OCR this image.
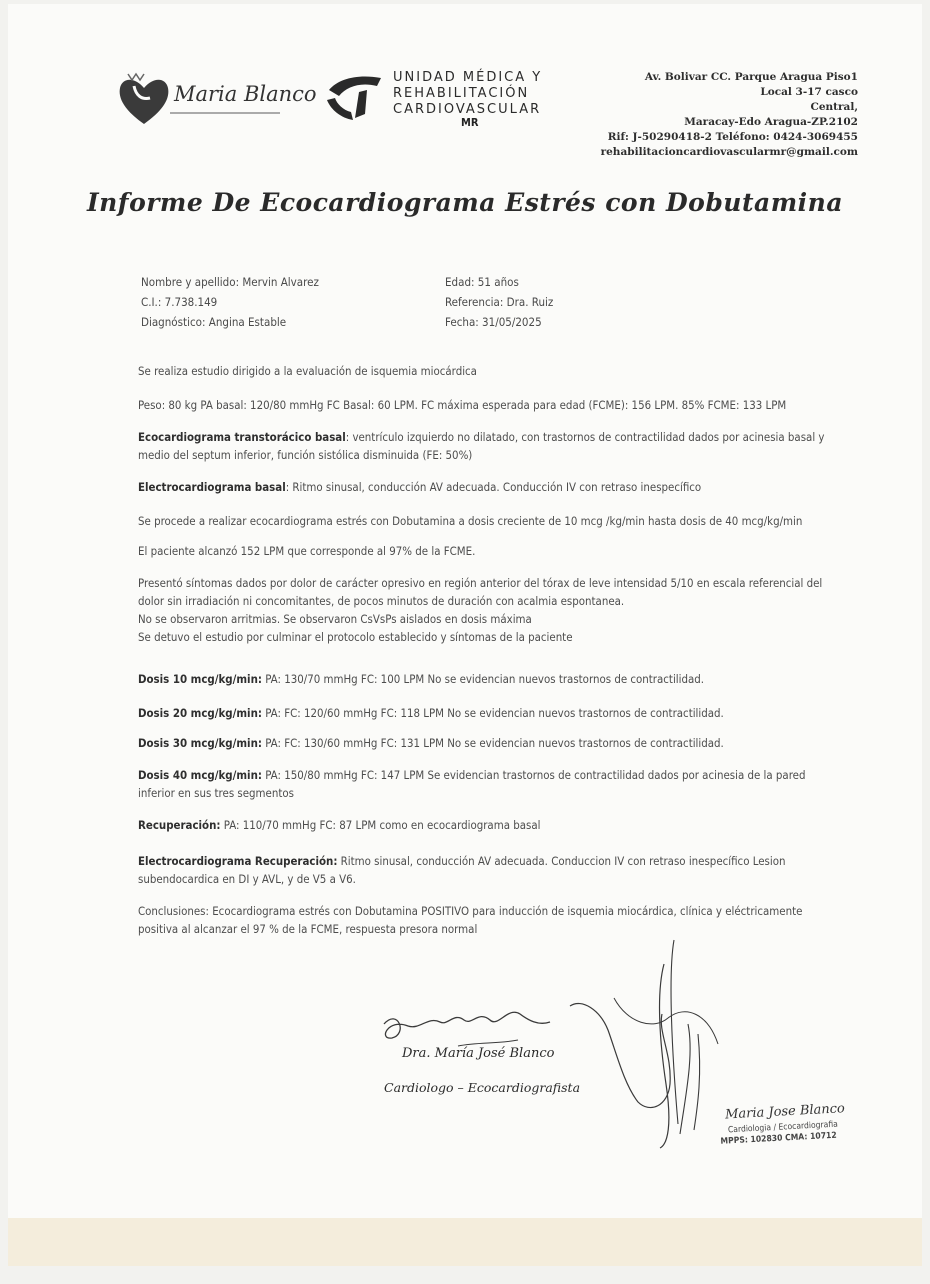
Maria Blanco
UNIDAD MÉDICA Y
REHABILITACIÓN
CARDIOVASCULAR
MR
Av. Bolivar CC. Parque Aragua Piso1
Local 3-17 casco
Central,
Maracay-Edo Aragua-ZP.2102
Rif: J-50290418-2 Teléfono: 0424-3069455
rehabilitacioncardiovascularmr@gmail.com
Informe De Ecocardiograma Estrés con Dobutamina
Nombre y apellido: Mervin Alvarez
C.I.: 7.738.149
Diagnóstico: Angina Estable
Edad: 51 años
Referencia: Dra. Ruiz
Fecha: 31/05/2025

Se realiza estudio dirigido a la evaluación de isquemia miocárdica

Peso: 80 kg PA basal: 120/80 mmHg FC Basal: 60 LPM. FC máxima esperada para edad (FCME): 156 LPM. 85% FCME: 133 LPM

Ecocardiograma transtorácico basal: ventrículo izquierdo no dilatado, con trastornos de contractilidad dados por acinesia basal y medio del septum inferior, función sistólica disminuida (FE: 50%)

Electrocardiograma basal: Ritmo sinusal, conducción AV adecuada. Conducción IV con retraso inespecífico

Se procede a realizar ecocardiograma estrés con Dobutamina a dosis creciente de 10 mcg /kg/min hasta dosis de 40 mcg/kg/min

El paciente alcanzó 152 LPM que corresponde al 97% de la FCME.

Presentó síntomas dados por dolor de carácter opresivo en región anterior del tórax de leve intensidad 5/10 en escala referencial del dolor sin irradiación ni concomitantes, de pocos minutos de duración con acalmia espontanea.

No se observaron arritmias. Se observaron CsVsPs aislados en dosis máxima

Se detuvo el estudio por culminar el protocolo establecido y síntomas de la paciente

Dosis 10 mcg/kg/min: PA: 130/70 mmHg FC: 100 LPM No se evidencian nuevos trastornos de contractilidad.

Dosis 20 mcg/kg/min: PA: FC: 120/60 mmHg FC: 118 LPM No se evidencian nuevos trastornos de contractilidad.

Dosis 30 mcg/kg/min: PA: FC: 130/60 mmHg FC: 131 LPM No se evidencian nuevos trastornos de contractilidad.

Dosis 40 mcg/kg/min: PA: 150/80 mmHg FC: 147 LPM Se evidencian trastornos de contractilidad dados por acinesia de la pared inferior en sus tres segmentos

Recuperación: PA: 110/70 mmHg FC: 87 LPM como en ecocardiograma basal

Electrocardiograma Recuperación: Ritmo sinusal, conducción AV adecuada. Conduccion IV con retraso inespecífico Lesion subendocardica en DI y AVL, y de V5 a V6.

Conclusiones: Ecocardiograma estrés con Dobutamina POSITIVO para inducción de isquemia miocárdica, clínica y eléctricamente positiva al alcanzar el 97 % de la FCME, respuesta presora normal

Dra. María José Blanco
Cardiologo – Ecocardiografista
Maria Jose Blanco
Cardiologia / Ecocardiografia
MPPS: 102830 CMA: 10712
